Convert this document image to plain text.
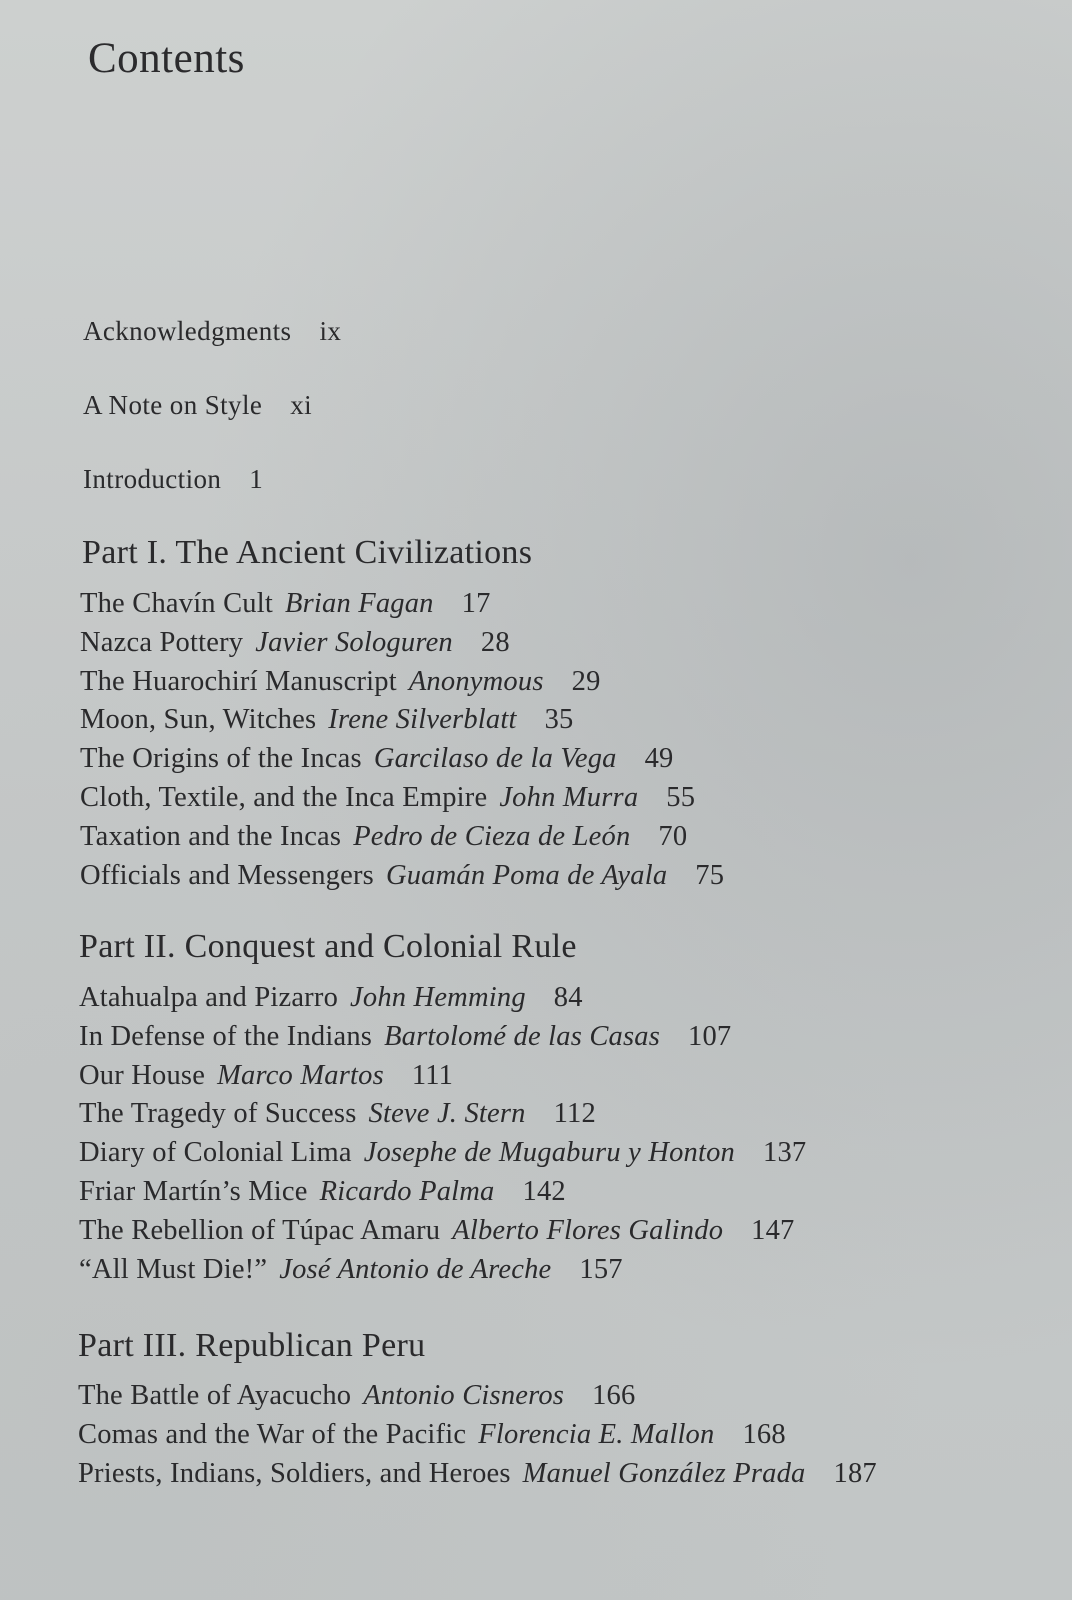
Contents
Acknowledgments ix
A Note on Style xi
Introduction 1
Part I. The Ancient Civilizations
The Chavín Cult Brian Fagan 17
Nazca Pottery Javier Sologuren 28
The Huarochirí Manuscript Anonymous 29
Moon, Sun, Witches Irene Silverblatt 35
The Origins of the Incas Garcilaso de la Vega 49
Cloth, Textile, and the Inca Empire John Murra 55
Taxation and the Incas Pedro de Cieza de León 70
Officials and Messengers Guamán Poma de Ayala 75
Part II. Conquest and Colonial Rule
Atahualpa and Pizarro John Hemming 84
In Defense of the Indians Bartolomé de las Casas 107
Our House Marco Martos 111
The Tragedy of Success Steve J. Stern 112
Diary of Colonial Lima Josephe de Mugaburu y Honton 137
Friar Martín’s Mice Ricardo Palma 142
The Rebellion of Túpac Amaru Alberto Flores Galindo 147
“All Must Die!” José Antonio de Areche 157
Part III. Republican Peru
The Battle of Ayacucho Antonio Cisneros 166
Comas and the War of the Pacific Florencia E. Mallon 168
Priests, Indians, Soldiers, and Heroes Manuel González Prada 187
